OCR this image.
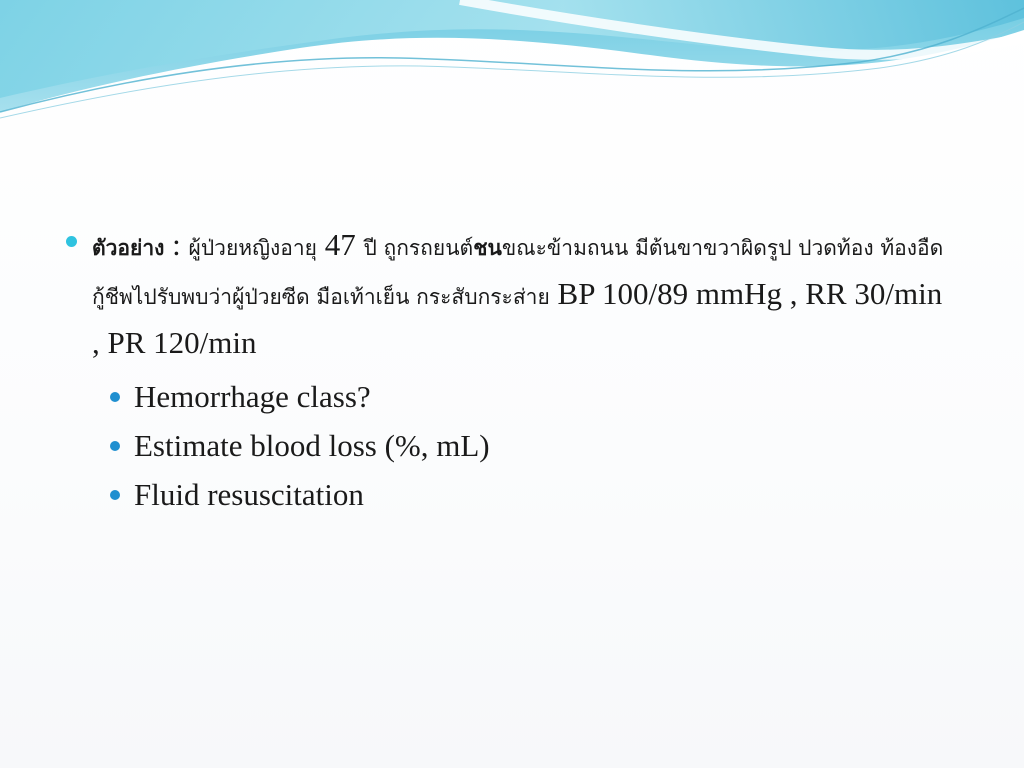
ตัวอย่าง : ผู้ป่วยหญิงอายุ 47 ปี ถูกรถยนต์ชนขณะข้ามถนน มีต้นขาขวาผิดรูป ปวดท้อง ท้องอืด กู้ชีพไปรับพบว่าผู้ป่วยซีด มือเท้าเย็น กระสับกระส่าย BP 100/89 mmHg , RR 30/min , PR 120/min
Hemorrhage class?
Estimate blood loss (%, mL)
Fluid resuscitation
